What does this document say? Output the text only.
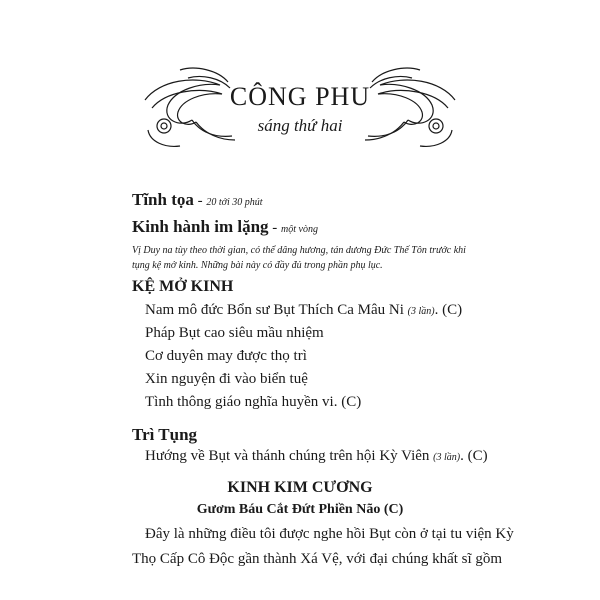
CÔNG PHU
sáng thứ hai
Tĩnh tọa - 20 tới 30 phút
Kinh hành im lặng - một vòng
Vị Duy na tùy theo thời gian, có thể dâng hương, tán dương Đức Thế Tôn trước khi
tụng kệ mở kinh. Những bài này có đầy đủ trong phần phụ lục.
KỆ MỞ KINH
Nam mô đức Bổn sư Bụt Thích Ca Mâu Ni (3 lần). (C)
Pháp Bụt cao siêu mầu nhiệm
Cơ duyên may được thọ trì
Xin nguyện đi vào biển tuệ
Tình thông giáo nghĩa huyền vi. (C)
Trì Tụng
Hướng về Bụt và thánh chúng trên hội Kỳ Viên (3 lần). (C)
KINH KIM CƯƠNG
Gươm Báu Cắt Đứt Phiền Não (C)
Đây là những điều tôi được nghe hồi Bụt còn ở tại tu viện Kỳ
Thọ Cấp Cô Độc gần thành Xá Vệ, với đại chúng khất sĩ gồm
